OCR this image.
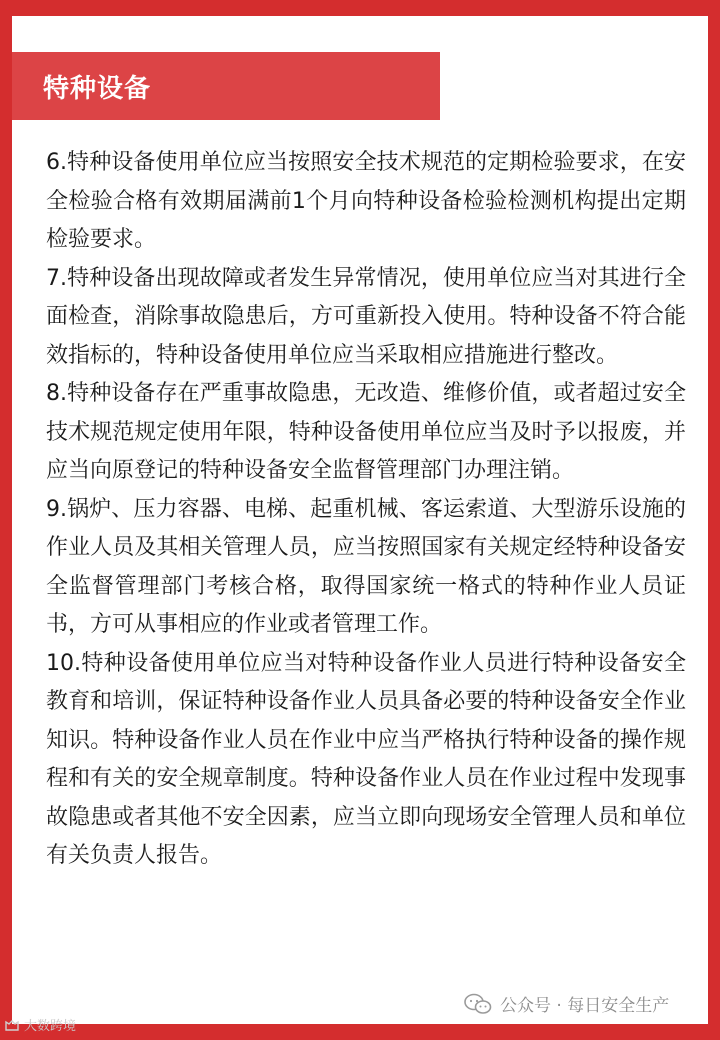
特种设备

6.特种设备使用单位应当按照安全技术规范的定期检验要求，在安全检验合格有效期届满前1个月向特种设备检验检测机构提出定期检验要求。

7.特种设备出现故障或者发生异常情况，使用单位应当对其进行全面检查，消除事故隐患后，方可重新投入使用。特种设备不符合能效指标的，特种设备使用单位应当采取相应措施进行整改。

8.特种设备存在严重事故隐患，无改造、维修价值，或者超过安全技术规范规定使用年限，特种设备使用单位应当及时予以报废，并应当向原登记的特种设备安全监督管理部门办理注销。

9.锅炉、压力容器、电梯、起重机械、客运索道、大型游乐设施的作业人员及其相关管理人员，应当按照国家有关规定经特种设备安全监督管理部门考核合格，取得国家统一格式的特种作业人员证书，方可从事相应的作业或者管理工作。

10.特种设备使用单位应当对特种设备作业人员进行特种设备安全教育和培训，保证特种设备作业人员具备必要的特种设备安全作业知识。特种设备作业人员在作业中应当严格执行特种设备的操作规程和有关的安全规章制度。特种设备作业人员在作业过程中发现事故隐患或者其他不安全因素，应当立即向现场安全管理人员和单位有关负责人报告。

公众号 · 每日安全生产
大数跨境
